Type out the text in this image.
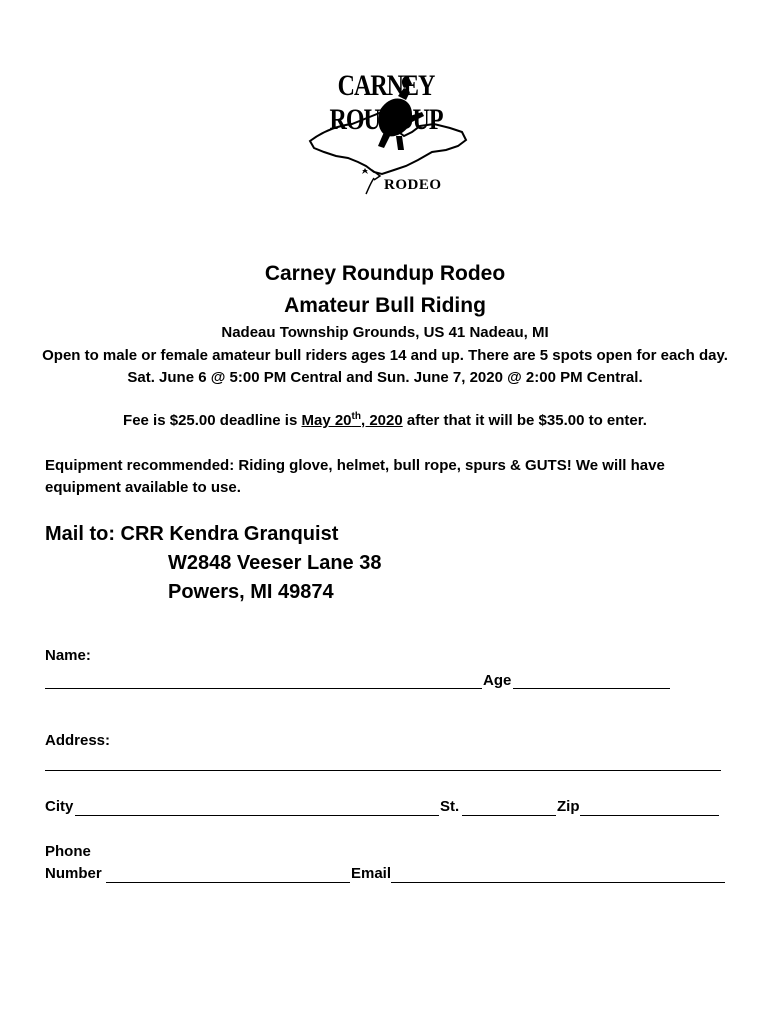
CARNEY ROUNDUP
RODEO
Carney Roundup Rodeo
Amateur Bull Riding
Nadeau Township Grounds, US 41 Nadeau, MI
Open to male or female amateur bull riders ages 14 and up. There are 5 spots open for each day. Sat. June 6 @ 5:00 PM Central and Sun. June 7, 2020 @ 2:00 PM Central.
Fee is $25.00 deadline is May 20th, 2020 after that it will be $35.00 to enter.
Equipment recommended: Riding glove, helmet, bull rope, spurs & GUTS! We will have equipment available to use.
Mail to: CRR Kendra Granquist
W2848 Veeser Lane 38
Powers, MI 49874
Name:
Age
Address:
City	St.	Zip
Phone
Number	Email
